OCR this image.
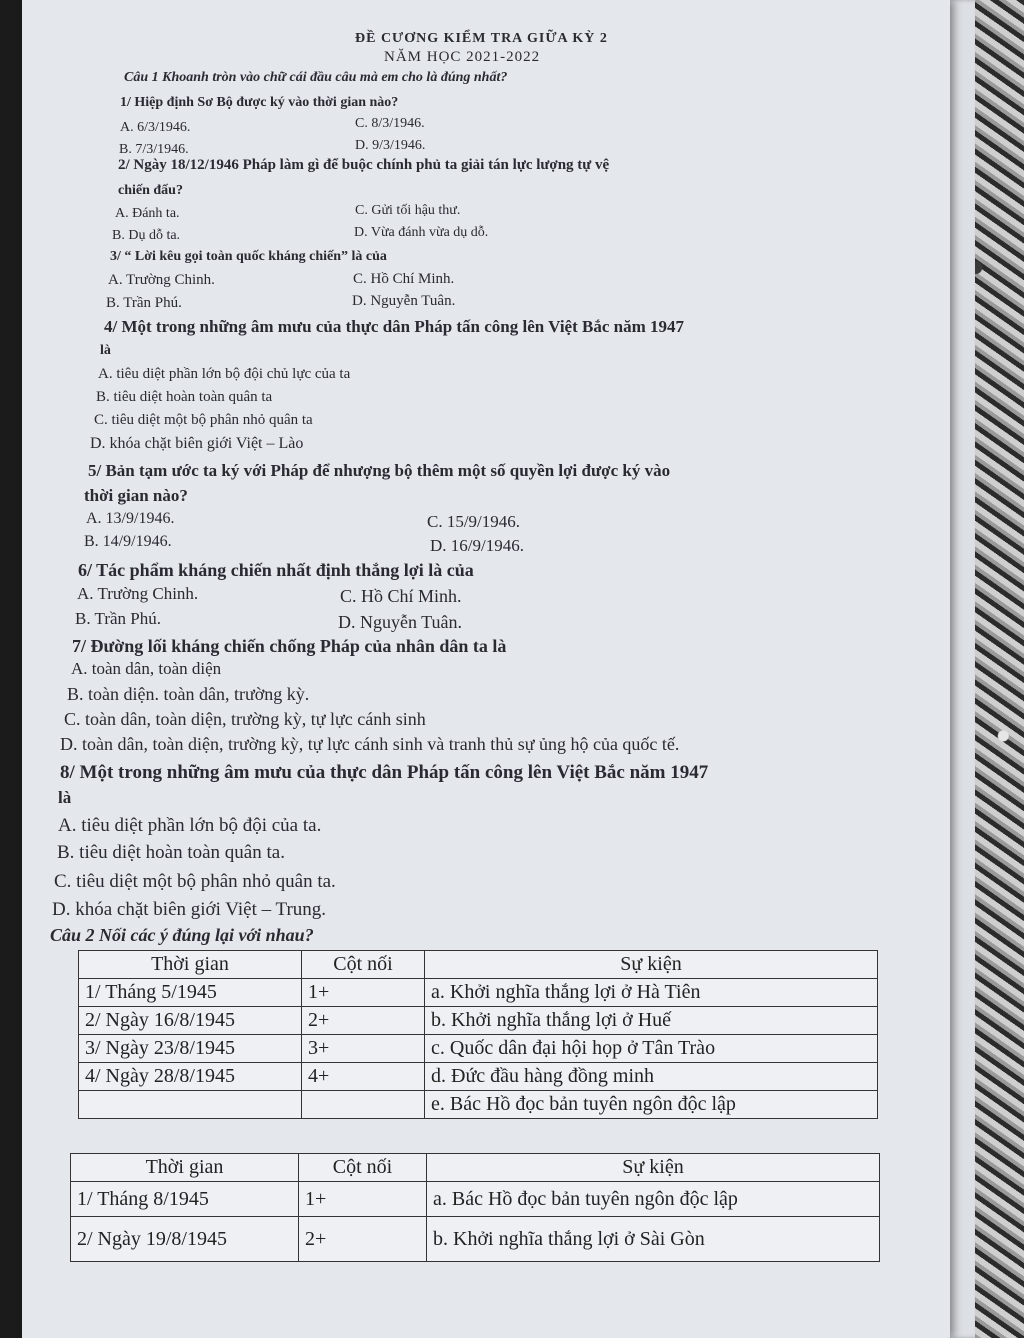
ĐỀ CƯƠNG KIỂM TRA GIỮA KỲ 2
NĂM HỌC 2021-2022
Câu 1 Khoanh tròn vào chữ cái đầu câu mà em cho là đúng nhất?
1/ Hiệp định Sơ Bộ được ký vào thời gian nào?
A. 6/3/1946.	C. 8/3/1946.
B. 7/3/1946.	D. 9/3/1946.
2/ Ngày 18/12/1946 Pháp làm gì để buộc chính phủ ta giải tán lực lượng tự vệ
chiến đấu?
A. Đánh ta.	C. Gửi tối hậu thư.
B. Dụ dỗ ta.	D. Vừa đánh vừa dụ dỗ.
3/ “ Lời kêu gọi toàn quốc kháng chiến” là của
A. Trường Chinh.	C. Hồ Chí Minh.
B. Trần Phú.	D. Nguyễn Tuân.
4/ Một trong những âm mưu của thực dân Pháp tấn công lên Việt Bắc năm 1947
là
A. tiêu diệt phần lớn bộ đội chủ lực của ta
B. tiêu diệt hoàn toàn quân ta
C. tiêu diệt một bộ phân nhỏ quân ta
D. khóa chặt biên giới Việt – Lào
5/ Bản tạm ước ta ký với Pháp để nhượng bộ thêm một số quyền lợi được ký vào
thời gian nào?
A. 13/9/1946.	C. 15/9/1946.
B. 14/9/1946.	D. 16/9/1946.
6/ Tác phẩm kháng chiến nhất định thắng lợi là của
A. Trường Chinh.	C. Hồ Chí Minh.
B. Trần Phú.	D. Nguyễn Tuân.
7/ Đường lối kháng chiến chống Pháp của nhân dân ta là
A. toàn dân, toàn diện
B. toàn diện. toàn dân, trường kỳ.
C. toàn dân, toàn diện, trường kỳ, tự lực cánh sinh
D. toàn dân, toàn diện, trường kỳ, tự lực cánh sinh và tranh thủ sự ủng hộ của quốc tế.
8/ Một trong những âm mưu của thực dân Pháp tấn công lên Việt Bắc năm 1947
là
A. tiêu diệt phần lớn bộ đội của ta.
B. tiêu diệt hoàn toàn quân ta.
C. tiêu diệt một bộ phân nhỏ quân ta.
D. khóa chặt biên giới Việt – Trung.
Câu 2 Nối các ý đúng lại với nhau?
Thời gian	Cột nối	Sự kiện
1/ Tháng 5/1945	1+	a. Khởi nghĩa thắng lợi ở Hà Tiên
2/ Ngày 16/8/1945	2+	b. Khởi nghĩa thắng lợi ở Huế
3/ Ngày 23/8/1945	3+	c. Quốc dân đại hội họp ở Tân Trào
4/ Ngày 28/8/1945	4+	d. Đức đầu hàng đồng minh
		e. Bác Hồ đọc bản tuyên ngôn độc lập
Thời gian	Cột nối	Sự kiện
1/ Tháng 8/1945	1+	a. Bác Hồ đọc bản tuyên ngôn độc lập
2/ Ngày 19/8/1945	2+	b. Khởi nghĩa thắng lợi ở Sài Gòn
